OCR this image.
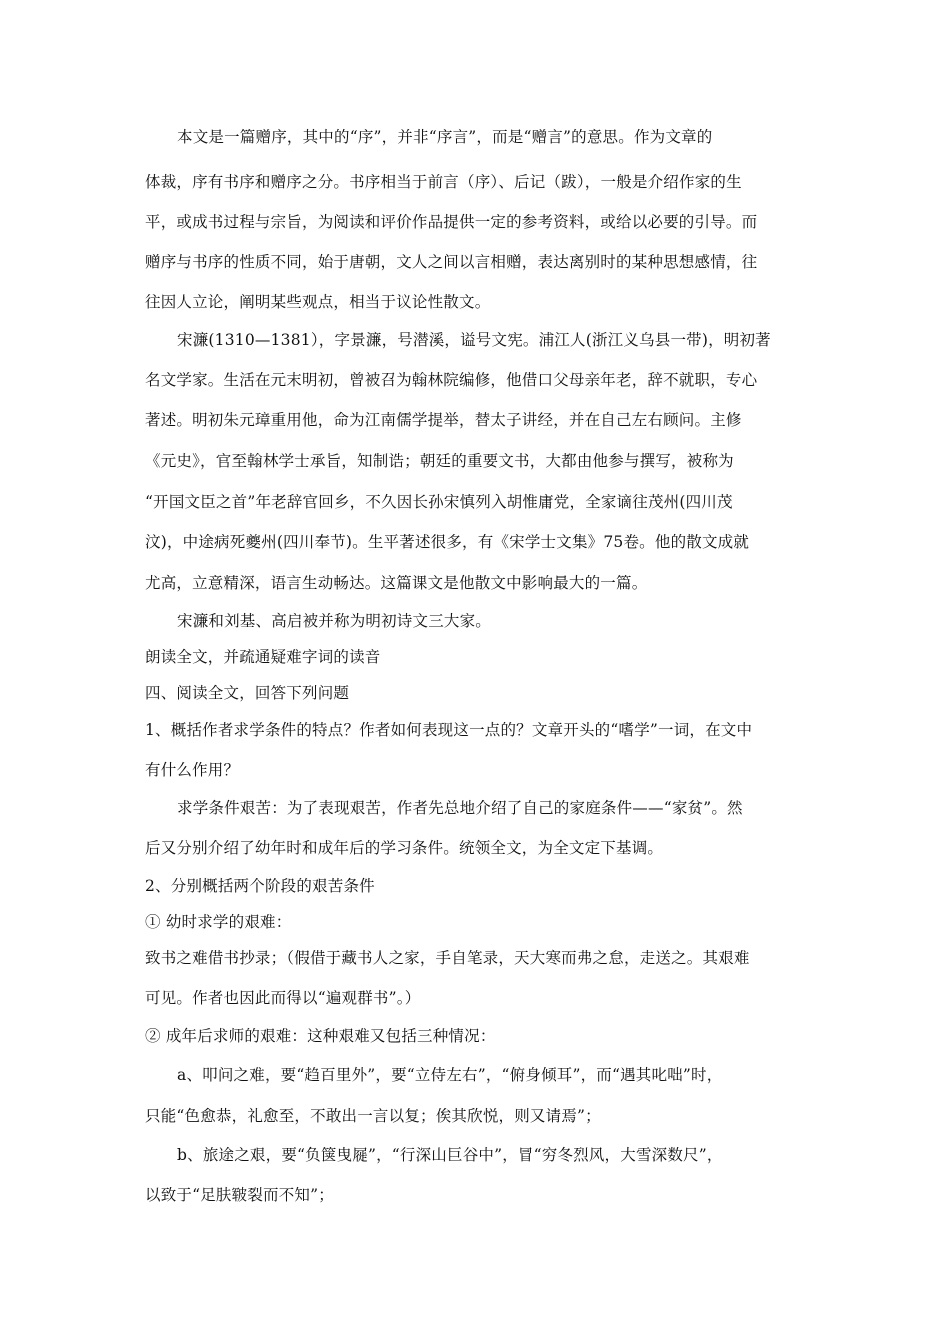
本文是一篇赠序，其中的“序”，并非“序言”，而是“赠言”的意思。作为文章的
体裁，序有书序和赠序之分。书序相当于前言（序）、后记（跋），一般是介绍作家的生
平，或成书过程与宗旨，为阅读和评价作品提供一定的参考资料，或给以必要的引导。而
赠序与书序的性质不同，始于唐朝，文人之间以言相赠，表达离别时的某种思想感情，往
往因人立论，阐明某些观点，相当于议论性散文。
宋濂(1310—1381），字景濂，号潜溪，谥号文宪。浦江人(浙江义乌县一带)，明初著
名文学家。生活在元末明初，曾被召为翰林院编修，他借口父母亲年老，辞不就职，专心
著述。明初朱元璋重用他，命为江南儒学提举，替太子讲经，并在自己左右顾问。主修
《元史》，官至翰林学士承旨，知制诰；朝廷的重要文书，大都由他参与撰写，被称为
“开国文臣之首”年老辞官回乡，不久因长孙宋慎列入胡惟庸党，全家谪往茂州(四川茂
汶)，中途病死夔州(四川奉节)。生平著述很多，有《宋学士文集》75卷。他的散文成就
尤高，立意精深，语言生动畅达。这篇课文是他散文中影响最大的一篇。
宋濂和刘基、高启被并称为明初诗文三大家。
朗读全文，并疏通疑难字词的读音
四、阅读全文，回答下列问题
1、概括作者求学条件的特点？作者如何表现这一点的？文章开头的“嗜学”一词，在文中
有什么作用？
求学条件艰苦：为了表现艰苦，作者先总地介绍了自己的家庭条件——“家贫”。然
后又分别介绍了幼年时和成年后的学习条件。统领全文，为全文定下基调。
2、分别概括两个阶段的艰苦条件
① 幼时求学的艰难：
致书之难借书抄录；（假借于藏书人之家，手自笔录，天大寒而弗之怠，走送之。其艰难
可见。作者也因此而得以“遍观群书”。）
② 成年后求师的艰难：这种艰难又包括三种情况：
a、叩问之难，要“趋百里外”，要“立侍左右”，“俯身倾耳”，而“遇其叱咄”时，
只能“色愈恭，礼愈至，不敢出一言以复；俟其欣悦，则又请焉”；
b、旅途之艰，要“负箧曳屣”，“行深山巨谷中”，冒“穷冬烈风，大雪深数尺”，
以致于“足肤皲裂而不知”；
